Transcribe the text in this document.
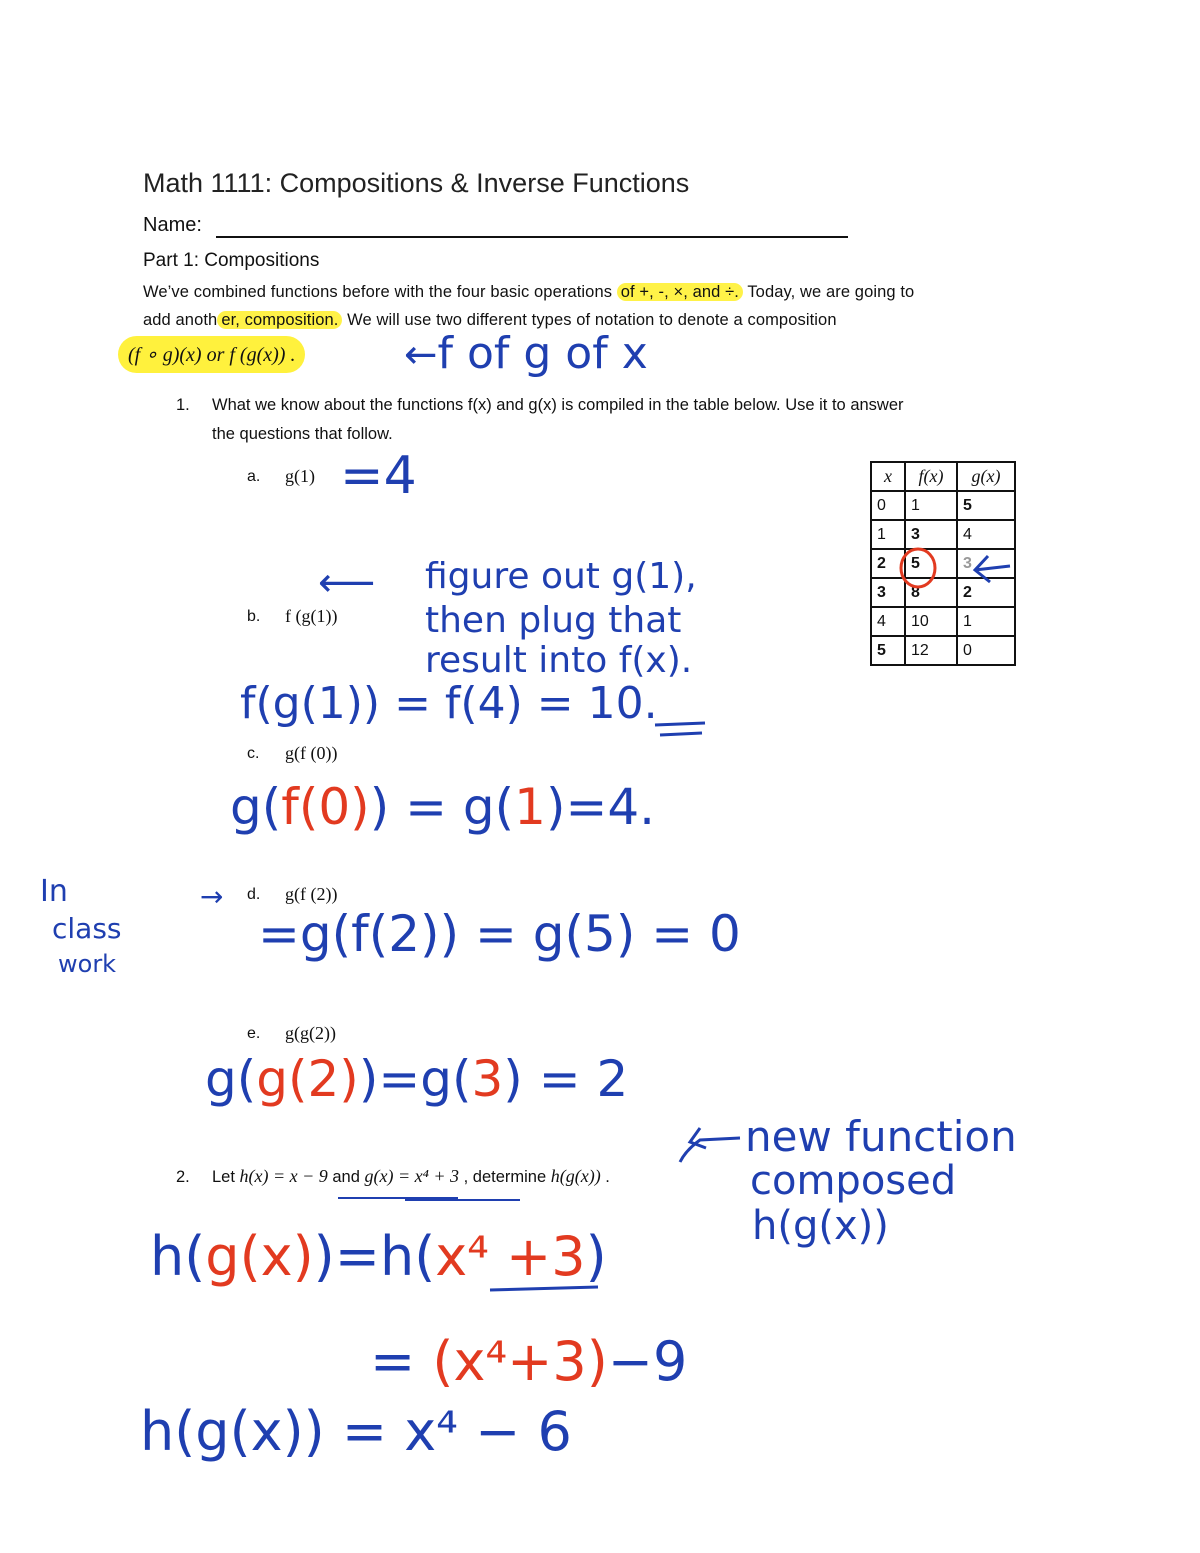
Math 1111: Compositions & Inverse Functions
Name:
Part 1: Compositions
We’ve combined functions before with the four basic operations of +, -, ×, and ÷. Today, we are going to
add anoth er, composition. We will use two different types of notation to denote a composition
(f ∘ g)(x) or f (g(x)) .	←f of g of x
1. What we know about the functions f(x) and g(x) is compiled in the table below. Use it to answer
the questions that follow.
a. g(1) =4
b. f (g(1))
⟵ figure out g(1),
then plug that
result into f(x).
f(g(1)) = f(4) = 10.
c. g(f (0))
g(f(0)) = g(1)=4.
In
class
work
→ d. g(f (2))
=g(f(2)) = g(5) = 0
e. g(g(2))
g(g(2))=g(3) = 2
x	f(x)	g(x)
0	1	5
1	3	4
2	5	3
3	8	2
4	10	1
5	12	0
2. Let h(x) = x − 9 and g(x) = x⁴ + 3 , determine h(g(x)) .
new function
composed
h(g(x))
h(g(x))=h(x⁴ +3)
= (x⁴+3)−9
h(g(x)) = x⁴ − 6
